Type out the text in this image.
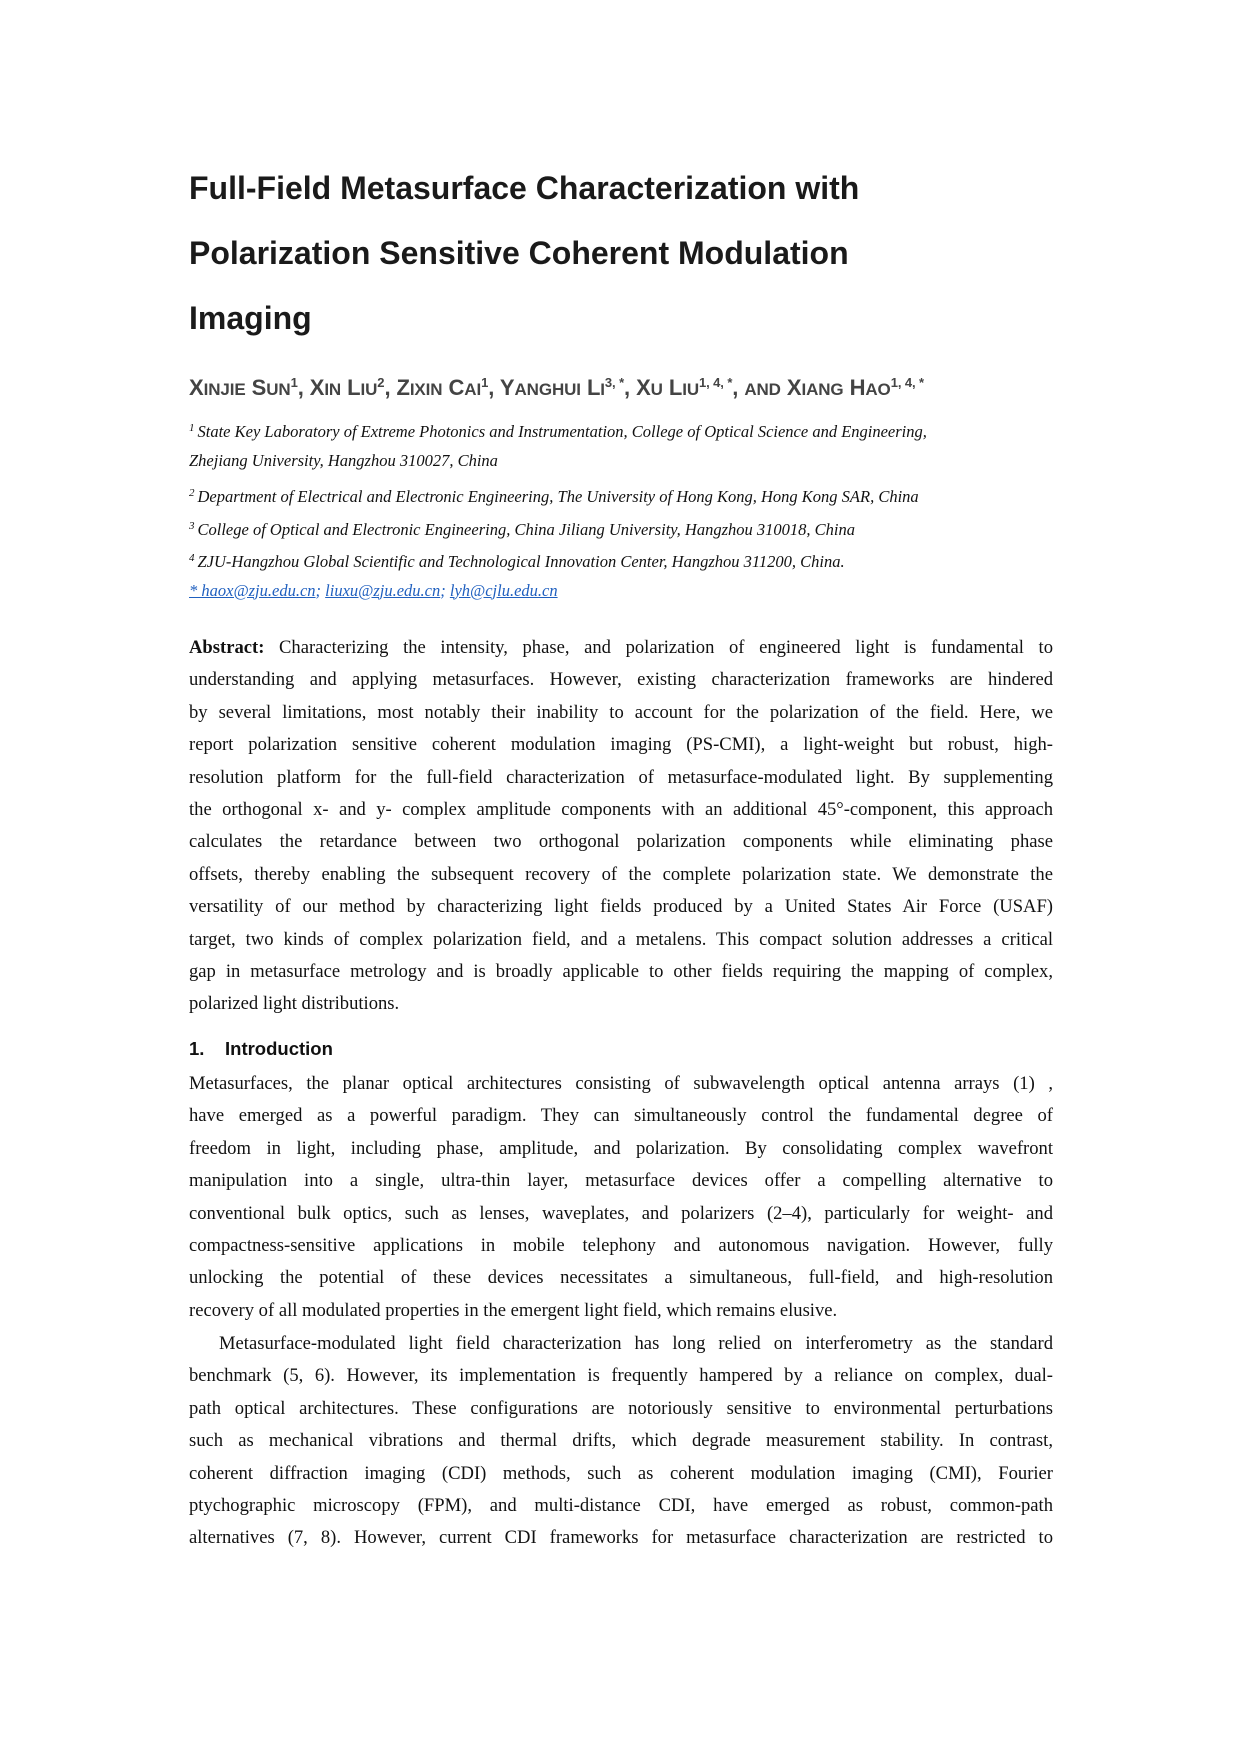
Full-Field Metasurface Characterization with
Polarization Sensitive Coherent Modulation
Imaging
XINJIE SUN$^1$, XIN LIU$^2$, ZIXIN CAI$^1$, YANGHUI $LI^{3, *}$, XU $LIU^{1, 4, *}$, AND XIANG $HAO^{1, 4, *}$
$^1$ State Key Laboratory of Extreme Photonics and Instrumentation, College of Optical Science and Engineering,
Zhejiang University, Hangzhou 310027, China
$^2$ Department of Electrical and Electronic Engineering, The University of Hong Kong, Hong Kong SAR, China
$^3$ College of Optical and Electronic Engineering, China Jiliang University, Hangzhou 310018, China
$^4$ ZJU-Hangzhou Global Scientific and Technological Innovation Center, Hangzhou 311200, China.
* haox@zju.edu.cn; liuxu@zju.edu.cn; lyh@cjlu.edu.cn
Abstract: Characterizing the intensity, phase, and polarization of engineered light is fundamental to
understanding and applying metasurfaces. However, existing characterization frameworks are hindered
by several limitations, most notably their inability to account for the polarization of the field. Here, we
report polarization sensitive coherent modulation imaging (PS-CMI), a light-weight but robust, high-
resolution platform for the full-field characterization of metasurface-modulated light. By supplementing
the orthogonal x- and y- complex amplitude components with an additional 45°-component, this approach
calculates the retardance between two orthogonal polarization components while eliminating phase
offsets, thereby enabling the subsequent recovery of the complete polarization state. We demonstrate the
versatility of our method by characterizing light fields produced by a United States Air Force (USAF)
target, two kinds of complex polarization field, and a metalens. This compact solution addresses a critical
gap in metasurface metrology and is broadly applicable to other fields requiring the mapping of complex,
polarized light distributions.
1. Introduction
Metasurfaces, the planar optical architectures consisting of subwavelength optical antenna arrays (1) ,
have emerged as a powerful paradigm. They can simultaneously control the fundamental degree of
freedom in light, including phase, amplitude, and polarization. By consolidating complex wavefront
manipulation into a single, ultra-thin layer, metasurface devices offer a compelling alternative to
conventional bulk optics, such as lenses, waveplates, and polarizers (2–4), particularly for weight- and
compactness-sensitive applications in mobile telephony and autonomous navigation. However, fully
unlocking the potential of these devices necessitates a simultaneous, full-field, and high-resolution
recovery of all modulated properties in the emergent light field, which remains elusive.
Metasurface-modulated light field characterization has long relied on interferometry as the standard
benchmark (5, 6). However, its implementation is frequently hampered by a reliance on complex, dual-
path optical architectures. These configurations are notoriously sensitive to environmental perturbations
such as mechanical vibrations and thermal drifts, which degrade measurement stability. In contrast,
coherent diffraction imaging (CDI) methods, such as coherent modulation imaging (CMI), Fourier
ptychographic microscopy (FPM), and multi-distance CDI, have emerged as robust, common-path
alternatives (7, 8). However, current CDI frameworks for metasurface characterization are restricted to
